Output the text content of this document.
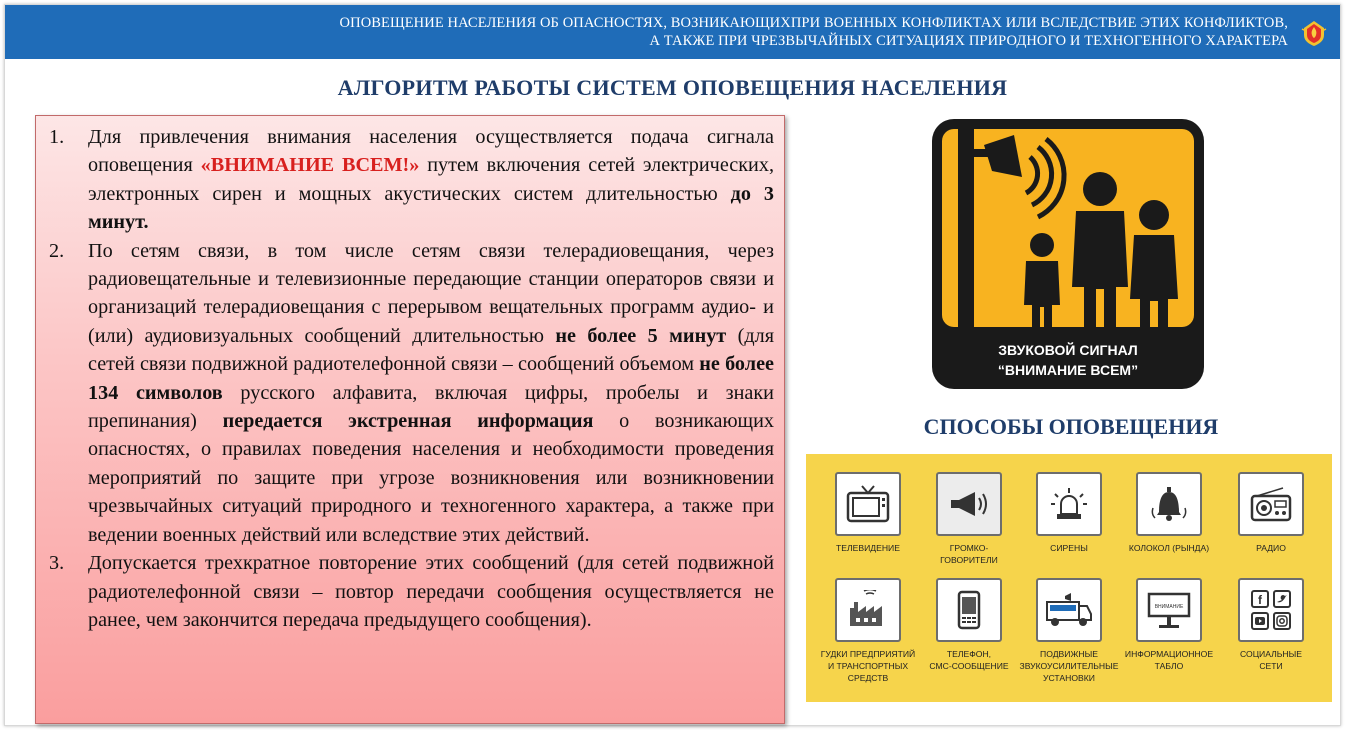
ОПОВЕЩЕНИЕ НАСЕЛЕНИЯ ОБ ОПАСНОСТЯХ, ВОЗНИКАЮЩИХПРИ ВОЕННЫХ КОНФЛИКТАХ ИЛИ ВСЛЕДСТВИЕ ЭТИХ КОНФЛИКТОВ,
А ТАКЖЕ ПРИ ЧРЕЗВЫЧАЙНЫХ СИТУАЦИЯХ ПРИРОДНОГО И ТЕХНОГЕННОГО ХАРАКТЕРА
АЛГОРИТМ РАБОТЫ СИСТЕМ ОПОВЕЩЕНИЯ НАСЕЛЕНИЯ
1. Для привлечения внимания населения осуществляется подача сигнала оповещения «ВНИМАНИЕ ВСЕМ!» путем включения сетей электрических, электронных сирен и мощных акустических систем длительностью до 3 минут.
2. По сетям связи, в том числе сетям связи телерадиовещания, через радиовещательные и телевизионные передающие станции операторов связи и организаций телерадиовещания с перерывом вещательных программ аудио- и (или) аудиовизуальных сообщений длительностью не более 5 минут (для сетей связи подвижной радиотелефонной связи – сообщений объемом не более 134 символов русского алфавита, включая цифры, пробелы и знаки препинания) передается экстренная информация о возникающих опасностях, о правилах поведения населения и необходимости проведения мероприятий по защите при угрозе возникновения или возникновении чрезвычайных ситуаций природного и техногенного характера, а также при ведении военных действий или вследствие этих действий.
3. Допускается трехкратное повторение этих сообщений (для сетей подвижной радиотелефонной связи – повтор передачи сообщения осуществляется не ранее, чем закончится передача предыдущего сообщения).
ЗВУКОВОЙ СИГНАЛ
“ВНИМАНИЕ ВСЕМ”
СПОСОБЫ ОПОВЕЩЕНИЯ
ТЕЛЕВИДЕНИЕ	ГРОМКО-
ГОВОРИТЕЛИ
СИРЕНЫ	КОЛОКОЛ (РЫНДА)	РАДИО
ГУДКИ ПРЕДПРИЯТИЙ
И ТРАНСПОРТНЫХ
СРЕДСТВ
ТЕЛЕФОН,
СМС-СООБЩЕНИЕ
ПОДВИЖНЫЕ
ЗВУКОУСИЛИТЕЛЬНЫЕ
УСТАНОВКИ
ВНИМАНИЕ
ИНФОРМАЦИОННОЕ
ТАБЛО
f
СОЦИАЛЬНЫЕ
СЕТИ
